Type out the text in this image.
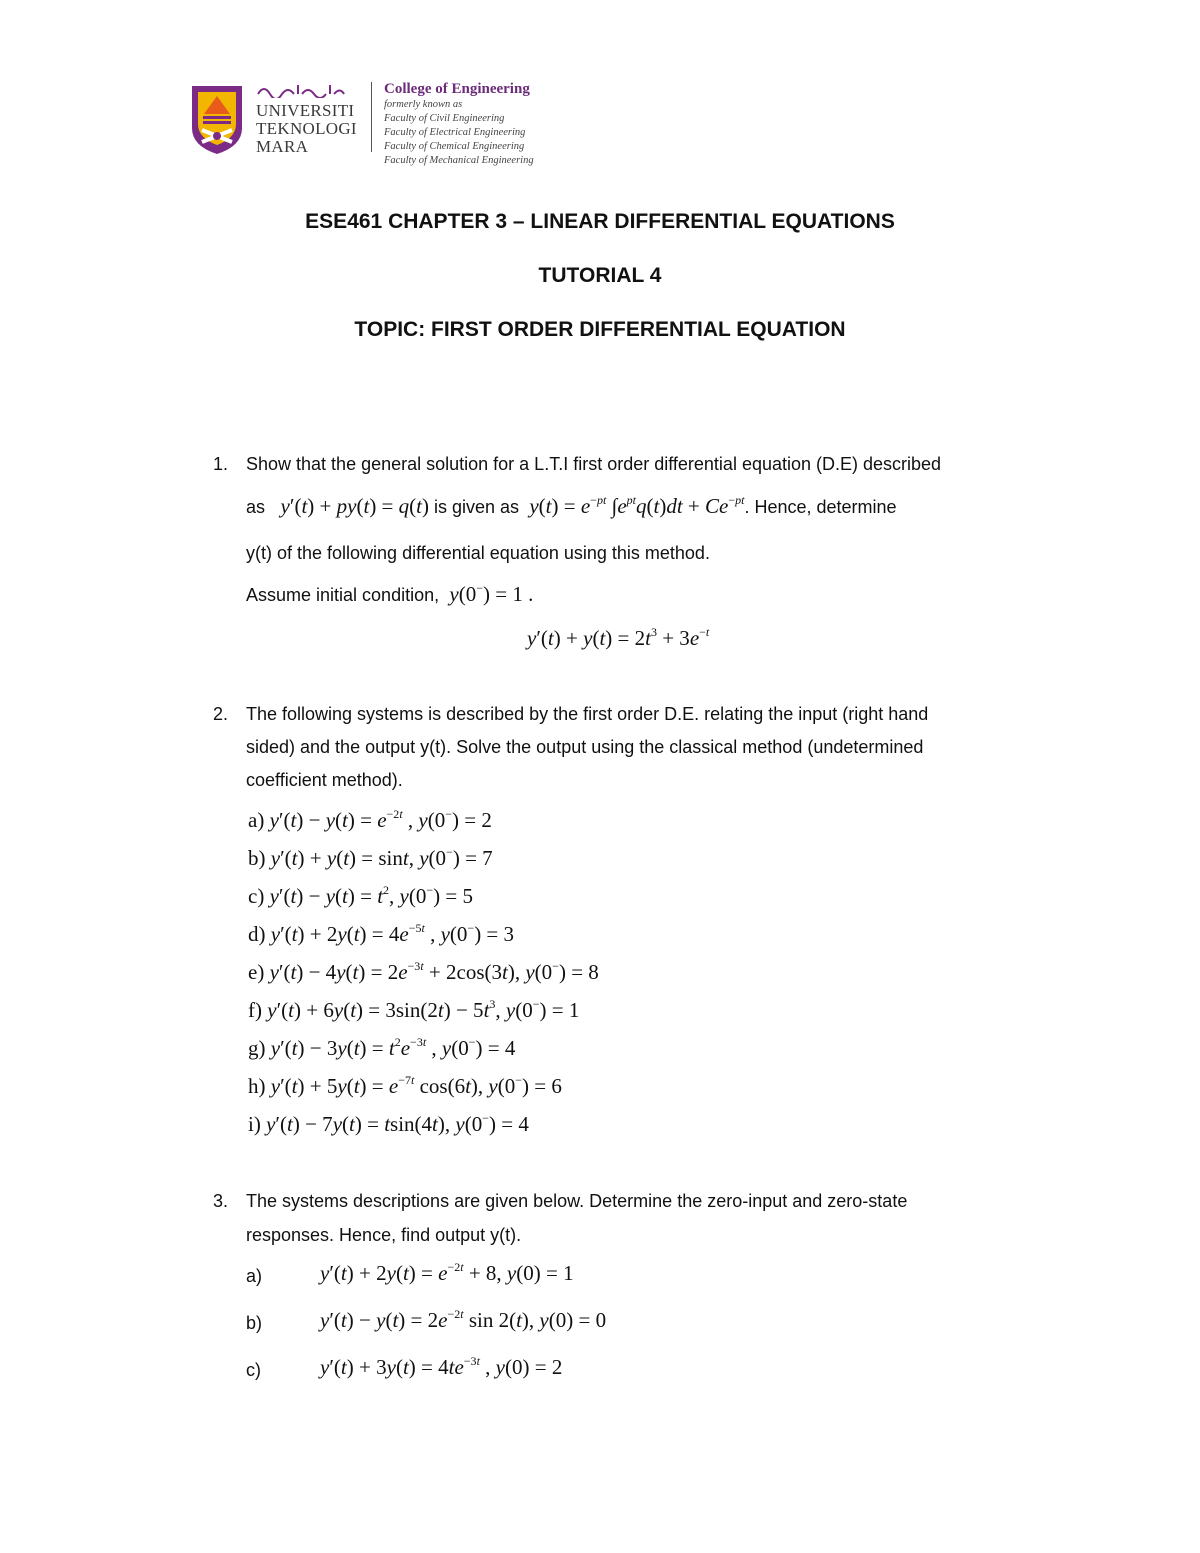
UNIVERSITI
TEKNOLOGI
MARA
College of Engineering
formerly known as
Faculty of Civil Engineering
Faculty of Electrical Engineering
Faculty of Chemical Engineering
Faculty of Mechanical Engineering
ESE461 CHAPTER 3 – LINEAR DIFFERENTIAL EQUATIONS
TUTORIAL 4
TOPIC: FIRST ORDER DIFFERENTIAL EQUATION
1. Show that the general solution for a L.T.I first order differential equation (D.E) described
as y′(t) + py(t) = q(t) is given as $y(t) = e^{-pt}$ $\int e^{pt}q(t)dt + Ce^{-pt}$. Hence, determine
y(t) of the following differential equation using this method.
Assume initial condition, y(0−) = 1 .
$y'(t) + y(t) = 2t^3 + 3e^{-t}$
2. The following systems is described by the first order D.E. relating the input (right hand
sided) and the output y(t). Solve the output using the classical method (undetermined
coefficient method).
a) $y'(t) - y(t) = e^{-2t}$ , y(0−) = 2
b) y′(t) + y(t) = sint, y(0−) = 7
c) $y'(t) - y(t) = t^2$, y(0−) = 5
d) $y'(t) + 2y(t) = 4e^{-5t}$ , y(0−) = 3
e) $y'(t) - 4y(t) = 2e^{-3t} + 2\cos(3t)$, y(0−) = 8
f) $y'(t) + 6y(t) = 3\sin(2t) - 5t^3$, y(0−) = 1
g) $y'(t) - 3y(t) = t^2e^{-3t}$ , y(0−) = 4
h) $y'(t) + 5y(t) = e^{-7t}$ cos(6t), y(0−) = 6
i) y′(t) − 7y(t) = tsin(4t), y(0−) = 4
3. The systems descriptions are given below. Determine the zero-input and zero-state
responses. Hence, find output y(t).
a)	$y'(t) + 2y(t) = e^{-2t} + 8$, y(0) = 1
b)	$y'(t) - y(t) = 2e^{-2t}$ sin 2(t), y(0) = 0
c)	$y'(t) + 3y(t) = 4te^{-3t}$ , y(0) = 2
